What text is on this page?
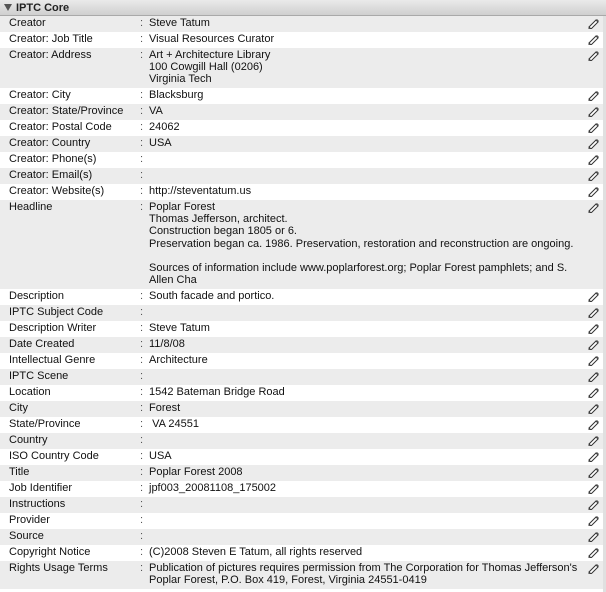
IPTC Core
Creator	: Steve Tatum
Creator: Job Title	: Visual Resources Curator
Creator: Address	: Art + Architecture Library
100 Cowgill Hall (0206)
Virginia Tech
Creator: City	: Blacksburg
Creator: State/Province : VA
Creator: Postal Code	: 24062
Creator: Country	: USA
Creator: Phone(s)	:
Creator: Email(s)	:
Creator: Website(s)	: http://steventatum.us
Headline	: Poplar Forest
Thomas Jefferson, architect.
Construction began 1805 or 6.
Preservation began ca. 1986. Preservation, restoration and reconstruction are ongoing.

Sources of information include www.poplarforest.org; Poplar Forest pamphlets; and S.
Allen Cha
Description	: South facade and portico.
IPTC Subject Code	:
Description Writer	: Steve Tatum
Date Created	: 11/8/08
Intellectual Genre	: Architecture
IPTC Scene	:
Location	: 1542 Bateman Bridge Road
City	: Forest
State/Province	: VA 24551
Country	:
ISO Country Code	: USA
Title	: Poplar Forest 2008
Job Identifier	: jpf003_20081108_175002
Instructions	:
Provider	:
Source	:
Copyright Notice	: (C)2008 Steven E Tatum, all rights reserved
Rights Usage Terms	: Publication of pictures requires permission from The Corporation for Thomas Jefferson's
Poplar Forest, P.O. Box 419, Forest, Virginia 24551-0419
